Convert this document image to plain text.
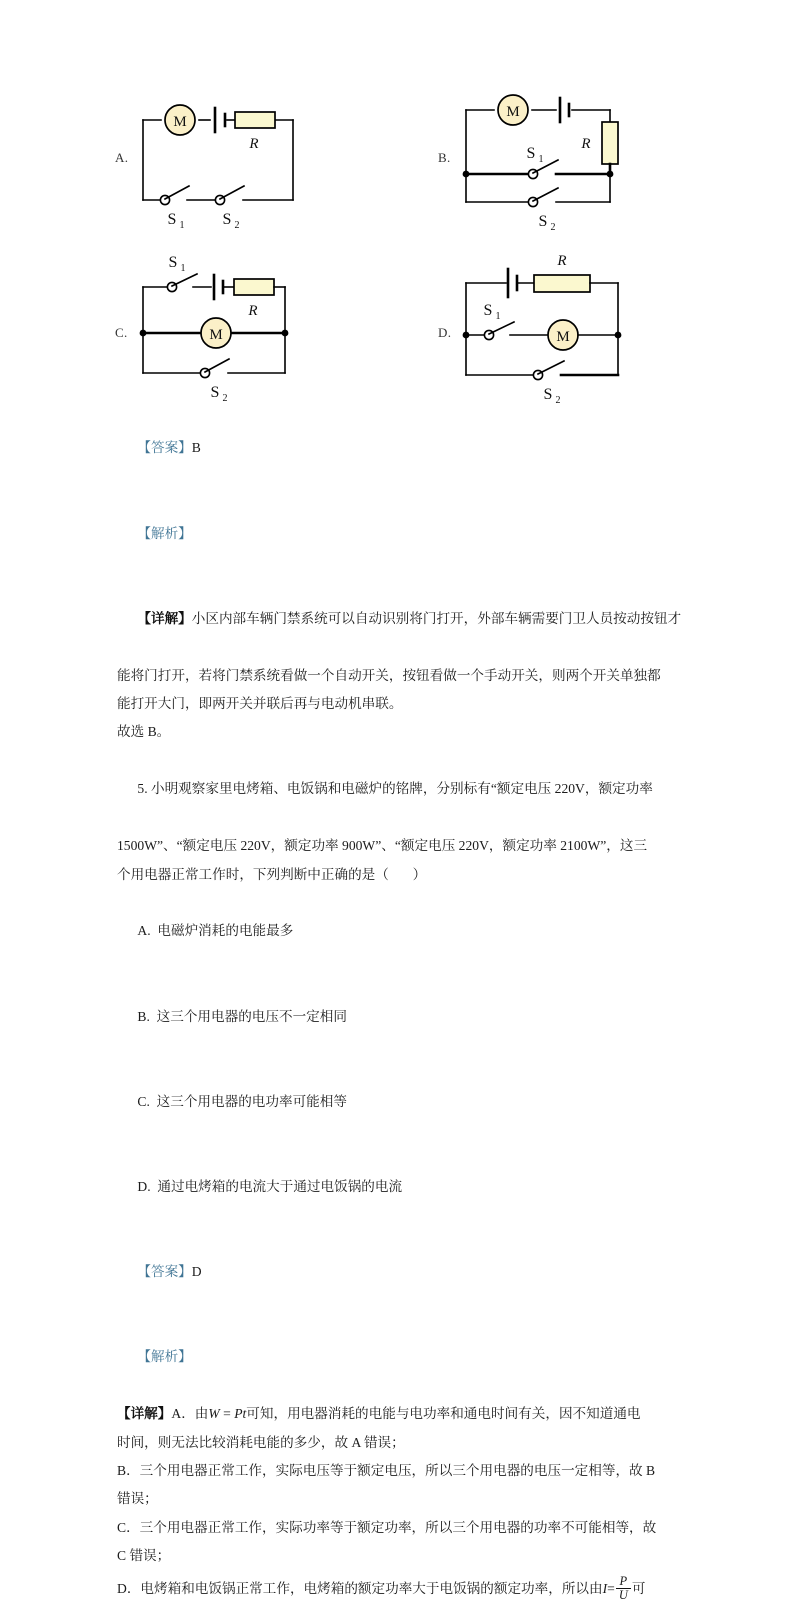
A.
M
R
S 1 S 2
B.
M
R
S 1
S 2
C.
S 1
R
M
S 2
D.
R
S 1
M
S 2

【答案】B

【解析】

【详解】小区内部车辆门禁系统可以自动识别将门打开，外部车辆需要门卫人员按动按钮才

能将门打开，若将门禁系统看做一个自动开关，按钮看做一个手动开关，则两个开关单独都
能打开大门，即两开关并联后再与电动机串联。
故选 B。

5. 小明观察家里电烤箱、电饭锅和电磁炉的铭牌，分别标有“额定电压 220V，额定功率

1500W”、“额定电压 220V，额定功率 900W”、“额定电压 220V，额定功率 2100W”，这三
个用电器正常工作时，下列判断中正确的是（       ）

A. 电磁炉消耗的电能最多

B. 这三个用电器的电压不一定相同

C. 这三个用电器的电功率可能相等

D. 通过电烤箱的电流大于通过电饭锅的电流

【答案】D

【解析】

【详解】A．由W = Pt可知，用电器消耗的电能与电功率和通电时间有关，因不知道通电
时间，则无法比较消耗电能的多少，故 A 错误；
B．三个用电器正常工作，实际电压等于额定电压，所以三个用电器的电压一定相等，故 B
错误；
C．三个用电器正常工作，实际功率等于额定功率，所以三个用电器的功率不可能相等，故
C 错误；
D．电烤箱和电饭锅正常工作，电烤箱的额定功率大于电饭锅的额定功率，所以由$I= \frac{P}{U}$ 可
